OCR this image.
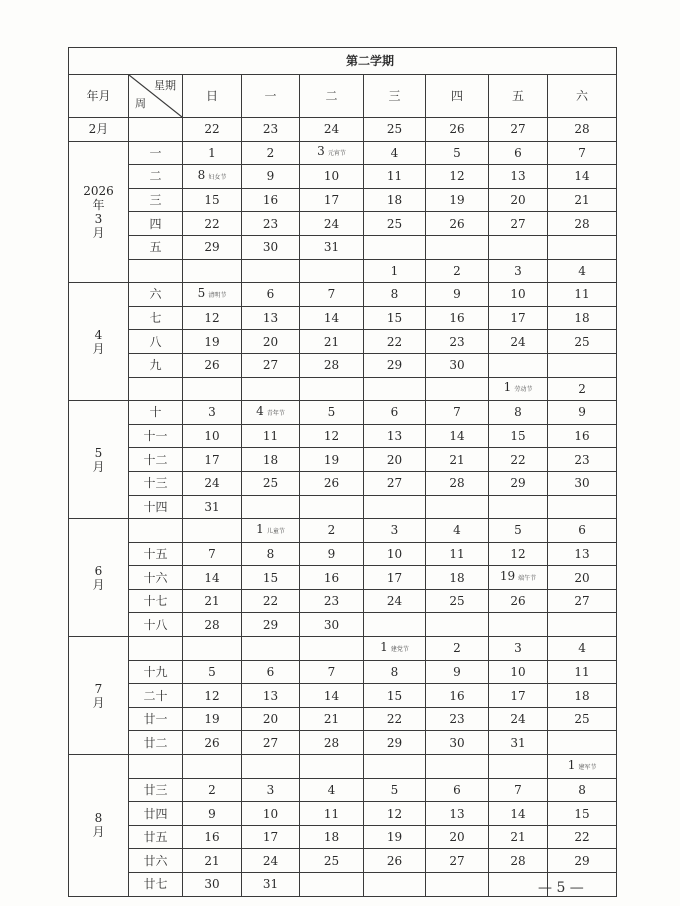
第二学期								
年月	星期
周	日	一	二	三	四	五	六
2月		22	23	24	25	26	27	28
2026
年
3
月	一	1	2	3 元宵节	4	5	6	7
	二	8 妇女节	9	10	11	12	13	14
	三	15	16	17	18	19	20	21
	四	22	23	24	25	26	27	28
	五	29	30	31				
					1	2	3	4
4
月	六	5 清明节	6	7	8	9	10	11
	七	12	13	14	15	16	17	18
	八	19	20	21	22	23	24	25
	九	26	27	28	29	30		
							1 劳动节	2
5
月	十	3	4 青年节	5	6	7	8	9
	十一	10	11	12	13	14	15	16
	十二	17	18	19	20	21	22	23
	十三	24	25	26	27	28	29	30
	十四	31						
6
月			1 儿童节	2	3	4	5	6
	十五	7	8	9	10	11	12	13
	十六	14	15	16	17	18	19 端午节	20
	十七	21	22	23	24	25	26	27
	十八	28	29	30				
7
月					1 建党节	2	3	4
	十九	5	6	7	8	9	10	11
	二十	12	13	14	15	16	17	18
	廿一	19	20	21	22	23	24	25
	廿二	26	27	28	29	30	31	
8
月								1 建军节
	廿三	2	3	4	5	6	7	8
	廿四	9	10	11	12	13	14	15
	廿五	16	17	18	19	20	21	22
	廿六	21	24	25	26	27	28	29
	廿七	30	31						— 5 —
